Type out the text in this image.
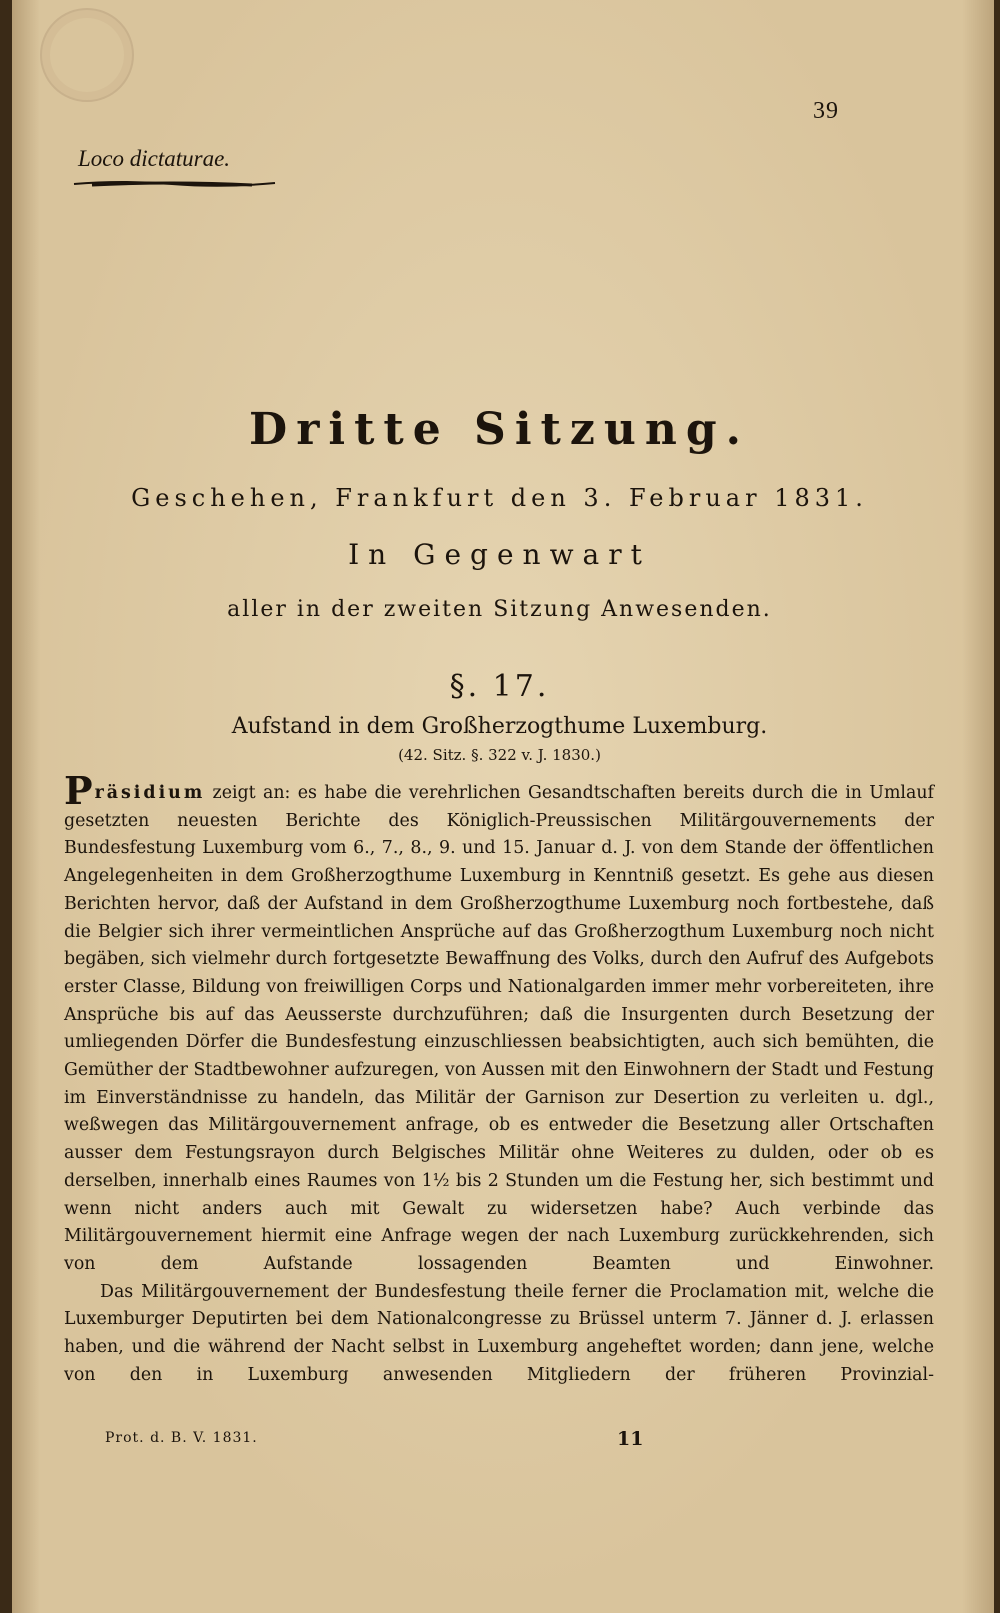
39
Loco dictaturae.
Dritte Sitzung.
Geschehen, Frankfurt den 3. Februar 1831.
In Gegenwart
aller in der zweiten Sitzung Anwesenden.
§. 17.
Aufstand in dem Großherzogthume Luxemburg.
(42. Sitz. §. 322 v. J. 1830.)

Präsidium zeigt an: es habe die verehrlichen Gesandtschaften bereits durch die in Umlauf gesetzten neuesten Berichte des Königlich-Preussischen Militärgouvernements der Bundesfestung Luxemburg vom 6., 7., 8., 9. und 15. Januar d. J. von dem Stande der öffentlichen Angelegenheiten in dem Großherzogthume Luxemburg in Kenntniß gesetzt. Es gehe aus diesen Berichten hervor, daß der Aufstand in dem Großherzogthume Luxemburg noch fortbestehe, daß die Belgier sich ihrer vermeintlichen Ansprüche auf das Großherzogthum Luxemburg noch nicht begäben, sich vielmehr durch fortgesetzte Bewaffnung des Volks, durch den Aufruf des Aufgebots erster Classe, Bildung von freiwilligen Corps und Nationalgarden immer mehr vorbereiteten, ihre Ansprüche bis auf das Aeusserste durchzuführen; daß die Insurgenten durch Besetzung der umliegenden Dörfer die Bundesfestung einzuschliessen beabsichtigten, auch sich bemühten, die Gemüther der Stadtbewohner aufzuregen, von Aussen mit den Einwohnern der Stadt und Festung im Einverständnisse zu handeln, das Militär der Garnison zur Desertion zu verleiten u. dgl., weßwegen das Militärgouvernement anfrage, ob es entweder die Besetzung aller Ortschaften ausser dem Festungsrayon durch Belgisches Militär ohne Weiteres zu dulden, oder ob es derselben, innerhalb eines Raumes von 1½ bis 2 Stunden um die Festung her, sich bestimmt und wenn nicht anders auch mit Gewalt zu widersetzen habe? Auch verbinde das Militärgouvernement hiermit eine Anfrage wegen der nach Luxemburg zurückkehrenden, sich von dem Aufstande lossagenden Beamten und Einwohner.

Das Militärgouvernement der Bundesfestung theile ferner die Proclamation mit, welche die Luxemburger Deputirten bei dem Nationalcongresse zu Brüssel unterm 7. Jänner d. J. erlassen haben, und die während der Nacht selbst in Luxemburg angeheftet worden; dann jene, welche von den in Luxemburg anwesenden Mitgliedern der früheren Provinzial-

Prot. d. B. V. 1831.	11
